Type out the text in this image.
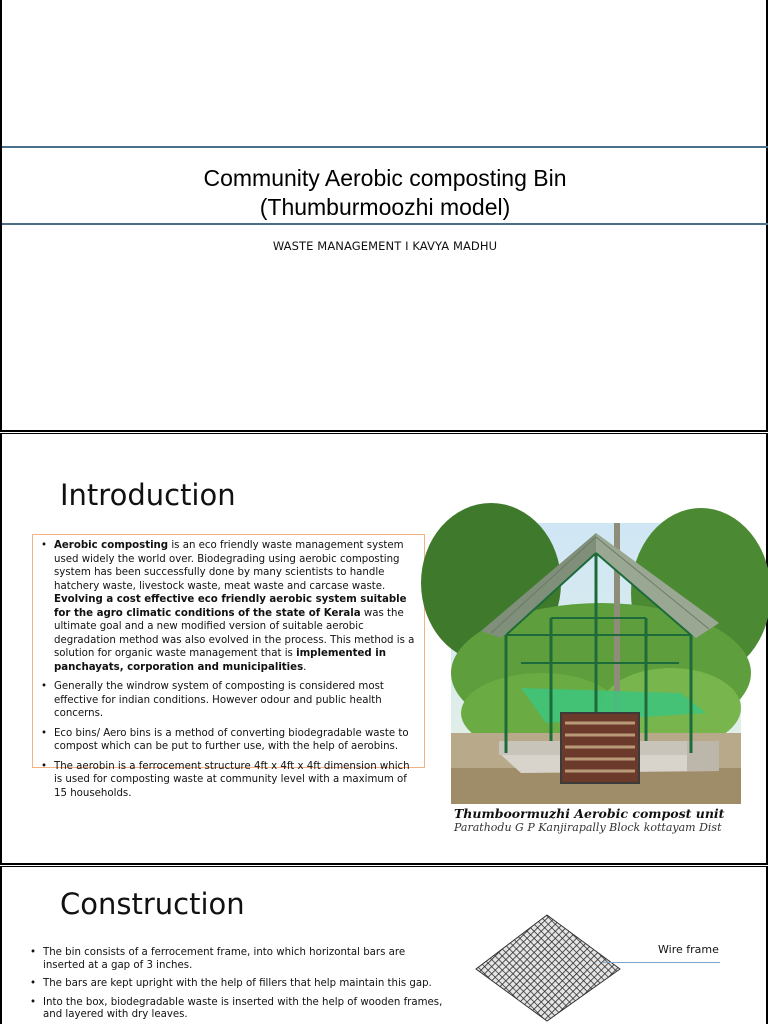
Community Aerobic composting Bin
(Thumburmoozhi model)
WASTE MANAGEMENT I KAVYA MADHU
Introduction
• Aerobic composting is an eco friendly waste management system used widely the world over. Biodegrading using aerobic composting system has been successfully done by many scientists to handle hatchery waste, livestock waste, meat waste and carcase waste. Evolving a cost effective eco friendly aerobic system suitable for the agro climatic conditions of the state of Kerala was the ultimate goal and a new modified version of suitable aerobic degradation method was also evolved in the process. This method is a solution for organic waste management that is implemented in panchayats, corporation and municipalities.
• Generally the windrow system of composting is considered most effective for indian conditions. However odour and public health concerns.
• Eco bins/ Aero bins is a method of converting biodegradable waste to compost which can be put to further use, with the help of aerobins.
• The aerobin is a ferrocement structure 4ft x 4ft x 4ft dimension which is used for composting waste at community level with a maximum of 15 households.
Thumboormuzhi Aerobic compost unit
Parathodu G P Kanjirapally Block kottayam Dist
Construction
• The bin consists of a ferrocement frame, into which horizontal bars are inserted at a gap of 3 inches.
• The bars are kept upright with the help of fillers that help maintain this gap.
• Into the box, biodegradable waste is inserted with the help of wooden frames, and layered with dry leaves.
Wire frame
